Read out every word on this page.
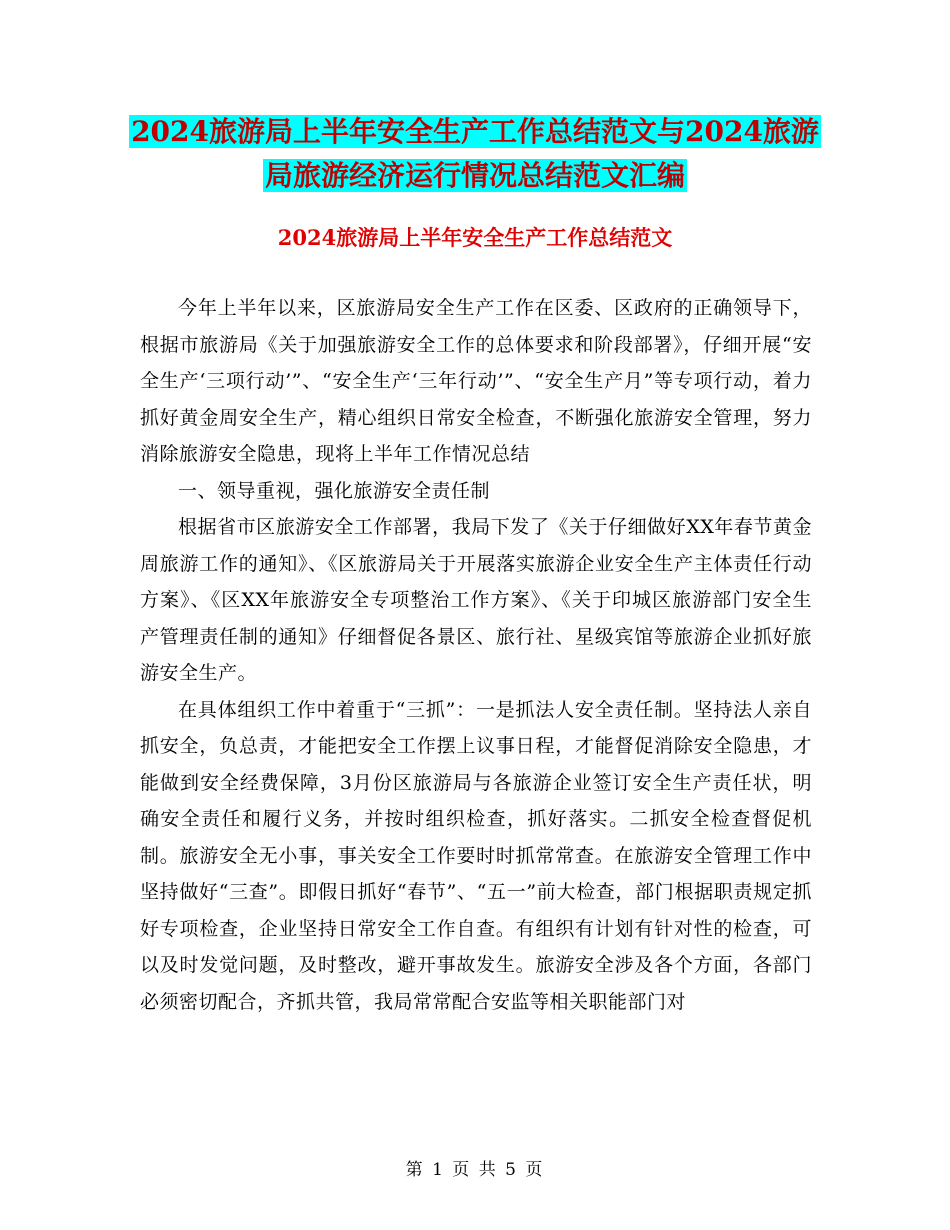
2024旅游局上半年安全生产工作总结范文与2024旅游
局旅游经济运行情况总结范文汇编
2024旅游局上半年安全生产工作总结范文

今年上半年以来，区旅游局安全生产工作在区委、区政府的正确领导下，根据市旅游局《关于加强旅游安全工作的总体要求和阶段部署》，仔细开展“安全生产‘三项行动’”、“安全生产‘三年行动’”、“安全生产月”等专项行动，着力抓好黄金周安全生产，精心组织日常安全检查，不断强化旅游安全管理，努力消除旅游安全隐患，现将上半年工作情况总结

一、领导重视，强化旅游安全责任制

根据省市区旅游安全工作部署，我局下发了《关于仔细做好XX年春节黄金周旅游工作的通知》、《区旅游局关于开展落实旅游企业安全生产主体责任行动方案》、《区XX年旅游安全专项整治工作方案》、《关于印城区旅游部门安全生产管理责任制的通知》仔细督促各景区、旅行社、星级宾馆等旅游企业抓好旅游安全生产。

在具体组织工作中着重于“三抓”：一是抓法人安全责任制。坚持法人亲自抓安全，负总责，才能把安全工作摆上议事日程，才能督促消除安全隐患，才能做到安全经费保障，3月份区旅游局与各旅游企业签订安全生产责任状，明确安全责任和履行义务，并按时组织检查，抓好落实。二抓安全检查督促机制。旅游安全无小事，事关安全工作要时时抓常常查。在旅游安全管理工作中坚持做好“三查”。即假日抓好“春节”、“五一”前大检查，部门根据职责规定抓好专项检查，企业坚持日常安全工作自查。有组织有计划有针对性的检查，可以及时发觉问题，及时整改，避开事故发生。旅游安全涉及各个方面，各部门必须密切配合，齐抓共管，我局常常配合安监等相关职能部门对

第 1 页 共 5 页
